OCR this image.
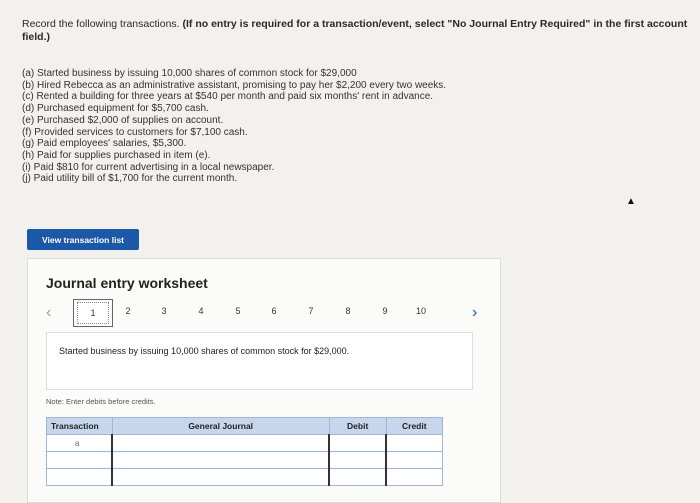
Record the following transactions. (If no entry is required for a transaction/event, select "No Journal Entry Required" in the first account field.)
(a) Started business by issuing 10,000 shares of common stock for $29,000
(b) Hired Rebecca as an administrative assistant, promising to pay her $2,200 every two weeks.
(c) Rented a building for three years at $540 per month and paid six months' rent in advance.
(d) Purchased equipment for $5,700 cash.
(e) Purchased $2,000 of supplies on account.
(f) Provided services to customers for $7,100 cash.
(g) Paid employees' salaries, $5,300.
(h) Paid for supplies purchased in item (e).
(i) Paid $810 for current advertising in a local newspaper.
(j) Paid utility bill of $1,700 for the current month.
View transaction list
Journal entry worksheet
‹	1	2	3	4	5	6	7	8	9	10	›
Started business by issuing 10,000 shares of common stock for $29,000.
Note: Enter debits before credits.
Transaction	General Journal	Debit	Credit
a			

▲
